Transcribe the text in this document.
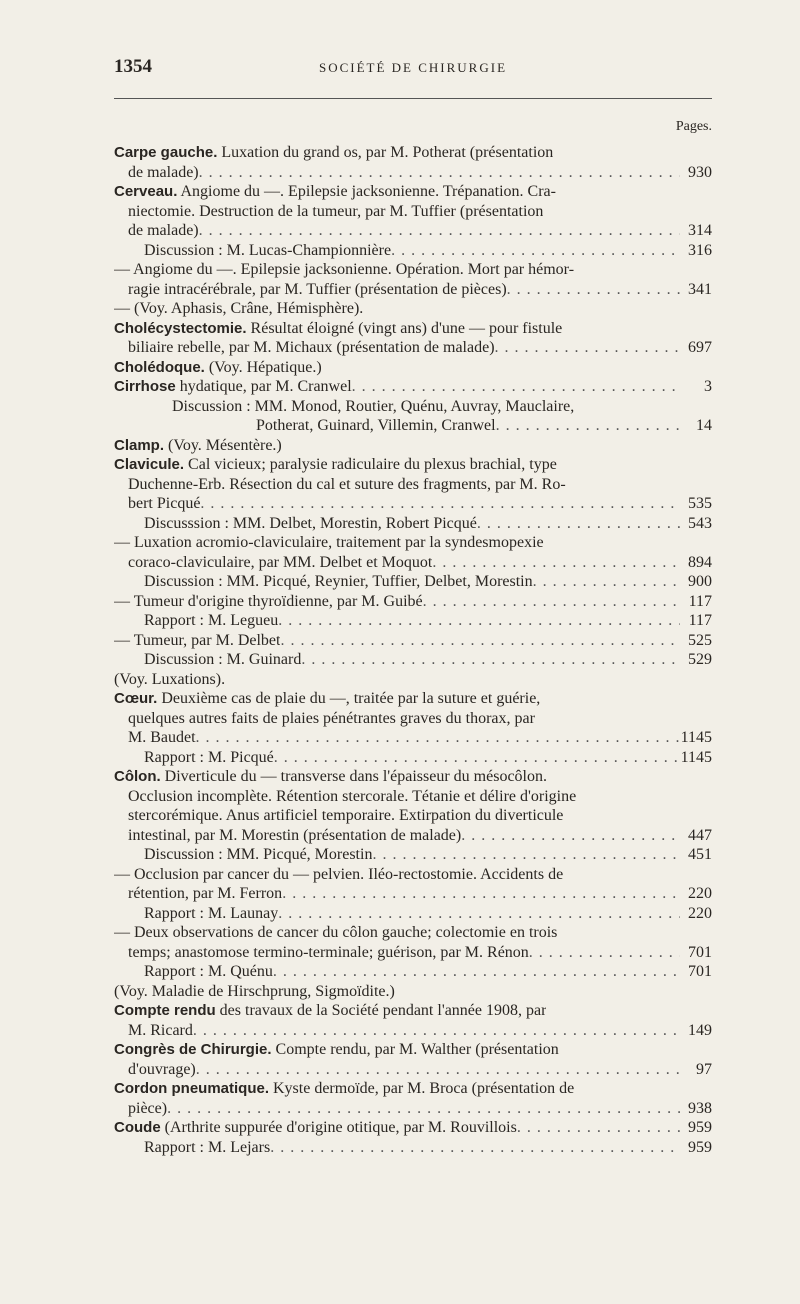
1354	SOCIÉTÉ DE CHIRURGIE
Pages.
Carpe gauche. Luxation du grand os, par M. Potherat (présentation
de malade) . . .	930
Cerveau. Angiome du —. Epilepsie jacksonienne. Trépanation. Cra-
niectomie. Destruction de la tumeur, par M. Tuffier (présentation
de malade) . . .	314
Discussion : M. Lucas-Championnière . . .	316
— Angiome du —. Epilepsie jacksonienne. Opération. Mort par hémor-
ragie intracérébrale, par M. Tuffier (présentation de pièces) . . .	341
— (Voy. Aphasis, Crâne, Hémisphère).
Cholécystectomie. Résultat éloigné (vingt ans) d'une — pour fistule
biliaire rebelle, par M. Michaux (présentation de malade) . . .	697
Cholédoque. (Voy. Hépatique.)
Cirrhose hydatique, par M. Cranwel . . .	3
Discussion : MM. Monod, Routier, Quénu, Auvray, Mauclaire,
Potherat, Guinard, Villemin, Cranwel . . .	14
Clamp. (Voy. Mésentère.)
Clavicule. Cal vicieux; paralysie radiculaire du plexus brachial, type
Duchenne-Erb. Résection du cal et suture des fragments, par M. Ro-
bert Picqué . . .	535
Discusssion : MM. Delbet, Morestin, Robert Picqué . . .	543
— Luxation acromio-claviculaire, traitement par la syndesmopexie
coraco-claviculaire, par MM. Delbet et Moquot . . .	894
Discussion : MM. Picqué, Reynier, Tuffier, Delbet, Morestin . . .	900
— Tumeur d'origine thyroïdienne, par M. Guibé . . .	117
Rapport : M. Legueu . . .	117
— Tumeur, par M. Delbet . . .	525
Discussion : M. Guinard . . .	529
(Voy. Luxations).
Cœur. Deuxième cas de plaie du —, traitée par la suture et guérie,
quelques autres faits de plaies pénétrantes graves du thorax, par
M. Baudet . . .	1145
Rapport : M. Picqué . . .	1145
Côlon. Diverticule du — transverse dans l'épaisseur du mésocôlon.
Occlusion incomplète. Rétention stercorale. Tétanie et délire d'origine
stercorémique. Anus artificiel temporaire. Extirpation du diverticule
intestinal, par M. Morestin (présentation de malade) . . .	447
Discussion : MM. Picqué, Morestin . . .	451
— Occlusion par cancer du — pelvien. Iléo-rectostomie. Accidents de
rétention, par M. Ferron . . .	220
Rapport : M. Launay . . .	220
— Deux observations de cancer du côlon gauche; colectomie en trois
temps; anastomose termino-terminale; guérison, par M. Rénon . . .	701
Rapport : M. Quénu . . .	701
(Voy. Maladie de Hirschprung, Sigmoïdite.)
Compte rendu des travaux de la Société pendant l'année 1908, par
M. Ricard . . .	149
Congrès de Chirurgie. Compte rendu, par M. Walther (présentation
d'ouvrage) . . .	97
Cordon pneumatique. Kyste dermoïde, par M. Broca (présentation de
pièce) . . .	938
Coude (Arthrite suppurée d'origine otitique, par M. Rouvillois . . .	959
Rapport : M. Lejars . . .	959
